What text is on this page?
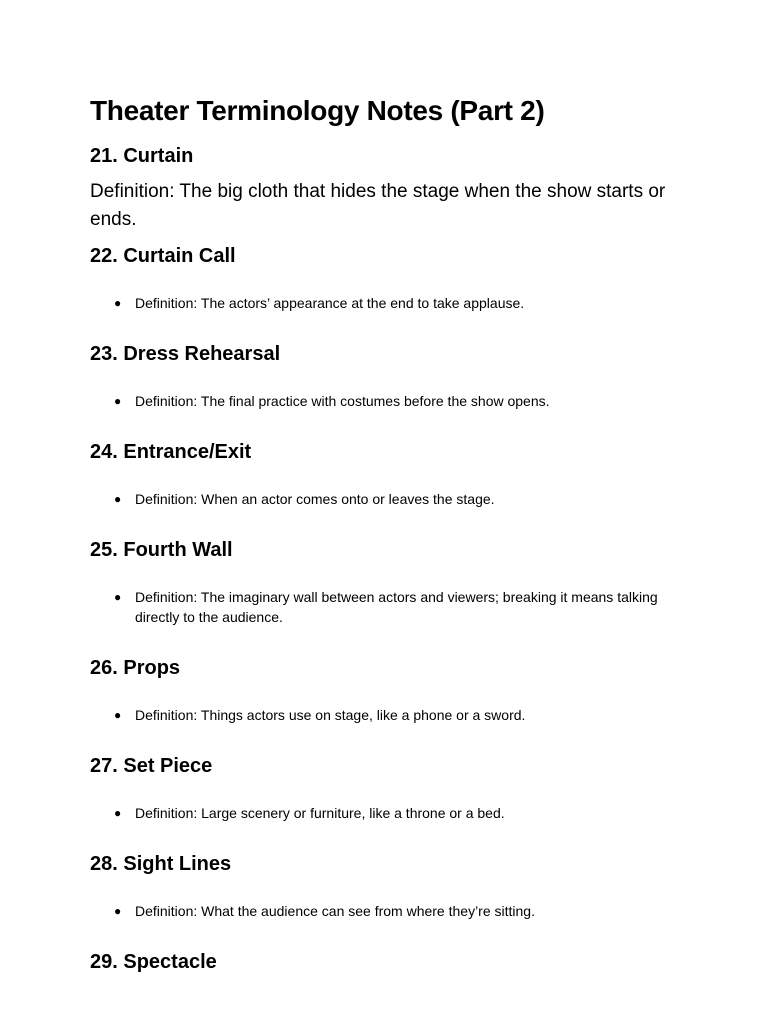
Theater Terminology Notes (Part 2)
21. Curtain

Definition: The big cloth that hides the stage when the show starts or ends.

22. Curtain Call
● Definition: The actors’ appearance at the end to take applause.
23. Dress Rehearsal
● Definition: The final practice with costumes before the show opens.
24. Entrance/Exit
● Definition: When an actor comes onto or leaves the stage.
25. Fourth Wall
● Definition: The imaginary wall between actors and viewers; breaking it means talking directly to the audience.
26. Props
● Definition: Things actors use on stage, like a phone or a sword.
27. Set Piece
● Definition: Large scenery or furniture, like a throne or a bed.
28. Sight Lines
● Definition: What the audience can see from where they’re sitting.
29. Spectacle
